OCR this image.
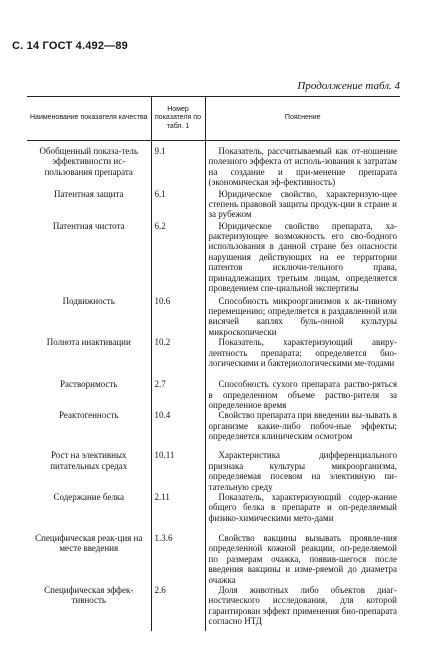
С. 14 ГОСТ 4.492—89
Продолжение табл. 4
Наименование показателя качества	Номер показателя по табл. 1	Пояснение
Обобщенный показа-тель эффективности ис-пользования препарата	9.1	Показатель, рассчитываемый как от-ношение полезного эффекта от исполь-зования к затратам на создание и при-менение препарата (экономическая эф-фективность)
Патентная защита	6.1	Юридическое свойство, характеризую-щее степень правовой защиты продук-ции в стране и за рубежом
Патентная чистота	6.2	Юридическое свойство препарата, ха-рактеризующее возможность его сво-бодного использования в данной стране без опасности нарушения действующих на ее территории патентов исключи-тельного права, принадлежащих третьим лицам, определяется проведением спе-циальной экспертизы
Подвижность	10.6	Способность микроорганизмов к ак-тивному перемещению; определяется в раздавленной или висячей каплях буль-онной культуры микроскопически
Полнота инактивации	10.2	Показатель, характеризующий авиру-лентность препарата; определяется био-логическими и бактериологическими ме-тодами
Растворимость	2.7	Способность сухого препарата раство-ряться в определенном объеме раство-рителя за определенное время
Реактогенность	10.4	Свойство препарата при введении вы-зывать в организме какие-либо побоч-ные эффекты; определяется клиническим осмотром
Рост на элективных питательных средах	10.11	Характеристика дифференциального признака культуры микроорганизма, определяемая посевом на элективную пи-тательную среду
Содержание белка	2.11	Показатель, характеризующий содер-жание общего белка в препарате и оп-ределяемый физико-химическими мето-дами
Специфическая реак-ция на месте введения	1.3.6	Свойство вакцины вызывать проявле-ния определенной кожной реакции, оп-ределяемой по размерам очажка, появив-шегося после введения вакцины и изме-ряемой до диаметра очажка
Специфическая эффек-тивность	2.6	Доля животных либо объектов диаг-ностического исследования, для которой гарантирован эффект применения био-препарата согласно НТД
